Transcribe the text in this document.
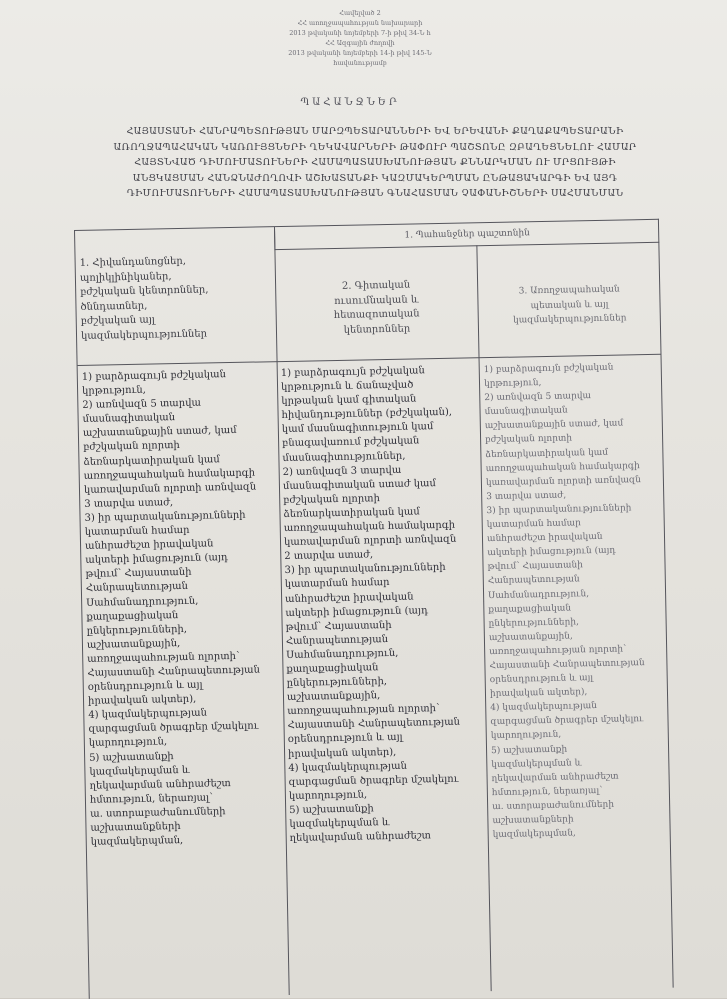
Հավելված 2
ՀՀ առողջապահության նախարարի
2013 թվականի նոյեմբերի 7-ի թիվ 34-Ն հ
ՀՀ Ազգային ժողովի
2013 թվականի նոյեմբերի 14-ի թիվ 145-Ն
հավանությամբ
ՊԱՀԱՆՋՆԵՐ
ՀԱՅԱՍՏԱՆԻ ՀԱՆՐԱՊԵՏՈՒԹՅԱՆ ՄԱՐԶՊԵՏԱՐԱՆՆԵՐԻ ԵՎ ԵՐԵՎԱՆԻ ՔԱՂԱՔԱՊԵՏԱՐԱՆԻ
ԱՌՈՂՋԱՊԱՀԱԿԱՆ ԿԱՌՈՒՅՑՆԵՐԻ ՂԵԿԱՎԱՐՆԵՐԻ ԹԱՓՈՒՐ ՊԱՇՏՈՆԸ ԶԲԱՂԵՑՆԵԼՈՒ ՀԱՄԱՐ
ՀԱՅՏՆՎԱԾ ԴԻՄՈՒՄԱՏՈՒՆԵՐԻ ՀԱՄԱՊԱՏԱՍԽԱՆՈՒԹՅԱՆ ՔՆՆԱՐԿՄԱՆ ՈՒ ՄՐՑՈՒՅԹԻ
ԱՆՑԿԱՑՄԱՆ ՀԱՆՁՆԱԺՈՂՈՎԻ ԱՇԽԱՏԱՆՔԻ ԿԱԶՄԱԿԵՐՊՄԱՆ ԸՆԹԱՑԱԿԱՐԳԻ ԵՎ ԱՅԴ
ԴԻՄՈՒՄԱՏՈՒՆԵՐԻ ՀԱՄԱՊԱՏԱՍԽԱՆՈՒԹՅԱՆ ԳՆԱՀԱՏՄԱՆ ՉԱՓԱՆԻՇՆԵՐԻ ՍԱՀՄԱՆՄԱՆ
1. Պահանջներ պաշտոնին
1. Հիվանդանոցներ,
պոլիկլինիկաներ,
բժշկական կենտրոններ,
ծննդատներ,
բժշկական այլ
կազմակերպություններ
2. Գիտական
ուսումնական և
հետազոտական
կենտրոններ
3. Առողջապահական
պետական և այլ
կազմակերպություններ
1) բարձրագույն բժշկական
կրթություն,
2) առնվազն 5 տարվա
մասնագիտական
աշխատանքային ստաժ, կամ
բժշկական ոլորտի
ձեռնարկատիրական կամ
առողջապահական համակարգի
կառավարման ոլորտի առնվազն
3 տարվա ստաժ,
3) իր պարտականությունների
կատարման համար
անհրաժեշտ իրավական
ակտերի իմացություն (այդ
թվում՝ Հայաստանի
Հանրապետության
Սահմանադրություն,
քաղաքացիական
ընկերությունների,
աշխատանքային,
առողջապահության ոլորտի՝
Հայաստանի Հանրապետության
օրենսդրություն և այլ
իրավական ակտեր),
4) կազմակերպության
զարգացման ծրագրեր մշակելու
կարողություն,
5) աշխատանքի
կազմակերպման և
ղեկավարման անհրաժեշտ
հմտություն, ներառյալ՝
ա. ստորաբաժանումների
աշխատանքների
կազմակերպման,
1) բարձրագույն բժշկական
կրթություն և ճանաչված
կրթական կամ գիտական
հիվանդություններ (բժշկական),
կամ մասնագիտություն կամ
բնագավառում բժշկական
մասնագիտություններ,
2) առնվազն 3 տարվա
մասնագիտական ստաժ կամ
բժշկական ոլորտի
ձեռնարկատիրական կամ
առողջապահական համակարգի
կառավարման ոլորտի առնվազն
2 տարվա ստաժ,
3) իր պարտականությունների
կատարման համար
անհրաժեշտ իրավական
ակտերի իմացություն (այդ
թվում՝ Հայաստանի
Հանրապետության
Սահմանադրություն,
քաղաքացիական
ընկերությունների,
աշխատանքային,
առողջապահության ոլորտի՝
Հայաստանի Հանրապետության
օրենսդրություն և այլ
իրավական ակտեր),
4) կազմակերպության
զարգացման ծրագրեր մշակելու
կարողություն,
5) աշխատանքի
կազմակերպման և
ղեկավարման անհրաժեշտ
1) բարձրագույն բժշկական
կրթություն,
2) առնվազն 5 տարվա
մասնագիտական
աշխատանքային ստաժ, կամ
բժշկական ոլորտի
ձեռնարկատիրական կամ
առողջապահական համակարգի
կառավարման ոլորտի առնվազն
3 տարվա ստաժ,
3) իր պարտականությունների
կատարման համար
անհրաժեշտ իրավական
ակտերի իմացություն (այդ
թվում՝ Հայաստանի
Հանրապետության
Սահմանադրություն,
քաղաքացիական
ընկերությունների,
աշխատանքային,
առողջապահության ոլորտի՝
Հայաստանի Հանրապետության
օրենսդրություն և այլ
իրավական ակտեր),
4) կազմակերպության
զարգացման ծրագրեր մշակելու
կարողություն,
5) աշխատանքի
կազմակերպման և
ղեկավարման անհրաժեշտ
հմտություն, ներառյալ՝
ա. ստորաբաժանումների
աշխատանքների
կազմակերպման,
